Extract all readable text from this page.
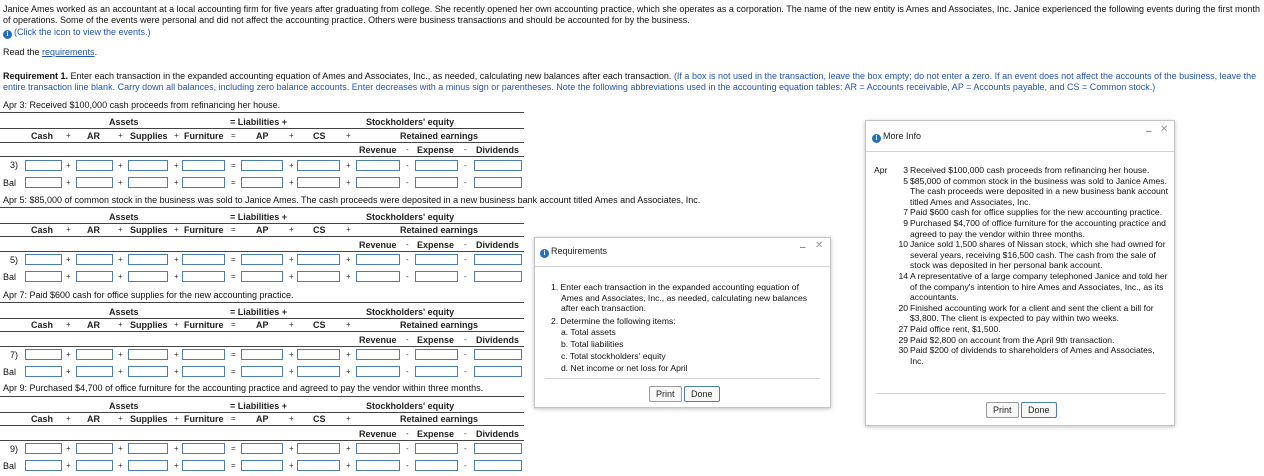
Janice Ames worked as an accountant at a local accounting firm for five years after graduating from college. She recently opened her own accounting practice, which she operates as a corporation. The name of the new entity is Ames and Associates, Inc. Janice experienced the following events during the first month
of operations. Some of the events were personal and did not affect the accounting practice. Others were business transactions and should be accounted for by the business.
i (Click the icon to view the events.)
Read the requirements.
Requirement 1. Enter each transaction in the expanded accounting equation of Ames and Associates, Inc., as needed, calculating new balances after each transaction. (If a box is not used in the transaction, leave the box empty; do not enter a zero. If an event does not affect the accounts of the business, leave the
entire transaction line blank. Carry down all balances, including zero balance accounts. Enter decreases with a minus sign or parentheses. Note the following abbreviations used in the accounting equation tables: AR = Accounts receivable, AP = Accounts payable, and CS = Common stock.)
Apr 3: Received $100,000 cash proceeds from refinancing her house.
Assets	= Liabilities +	Stockholders' equity
Cash + AR + Supplies + Furniture = AP	+ CS	+	Retained earnings
Revenue - Expense - Dividends
3)	+	+	+	=	+	+	-	-
Bal	+	+	+	=	+	+	-	-
Apr 5: $85,000 of common stock in the business was sold to Janice Ames. The cash proceeds were deposited in a new business bank account titled Ames and Associates, Inc.
Assets	= Liabilities +	Stockholders' equity
Cash + AR + Supplies + Furniture = AP	+ CS	+	Retained earnings
Revenue - Expense - Dividends
5)	+	+	+	=	+	+	-	-
Bal	+	+	+	=	+	+	-	-
Apr 7: Paid $600 cash for office supplies for the new accounting practice.
Assets	= Liabilities +	Stockholders' equity
Cash + AR + Supplies + Furniture = AP	+ CS	+	Retained earnings
Revenue - Expense - Dividends
7)	+	+	+	=	+	+	-	-
Bal	+	+	+	=	+	+	-	-
Apr 9: Purchased $4,700 of office furniture for the accounting practice and agreed to pay the vendor within three months.
Assets	= Liabilities +	Stockholders' equity
Cash + AR + Supplies + Furniture = AP	+ CS	+	Retained earnings
Revenue - Expense - Dividends
9)	+	+	+	=	+	+	-	-
Bal	+	+	+	=	+	+	-	-
i Requirements	– ✕
1. Enter each transaction in the expanded accounting equation of Ames and Associates, Inc., as needed, calculating new balances after each transaction.
2. Determine the following items:
a. Total assets
b. Total liabilities
c. Total stockholders' equity
d. Net income or net loss for April
Print	Done
i More Info	– ✕
Apr	3	Received $100,000 cash proceeds from refinancing her house.
	5	$85,000 of common stock in the business was sold to Janice Ames. The cash proceeds were deposited in a new business bank account titled Ames and Associates, Inc.
	7	Paid $600 cash for office supplies for the new accounting practice.
	9	Purchased $4,700 of office furniture for the accounting practice and agreed to pay the vendor within three months.
	10	Janice sold 1,500 shares of Nissan stock, which she had owned for several years, receiving $16,500 cash. The cash from the sale of stock was deposited in her personal bank account.
	14	A representative of a large company telephoned Janice and told her of the company's intention to hire Ames and Associates, Inc., as its accountants.
	20	Finished accounting work for a client and sent the client a bill for $3,800. The client is expected to pay within two weeks.
	27	Paid office rent, $1,500.
	29	Paid $2,800 on account from the April 9th transaction.
	30	Paid $200 of dividends to shareholders of Ames and Associates, Inc.
Print	Done
